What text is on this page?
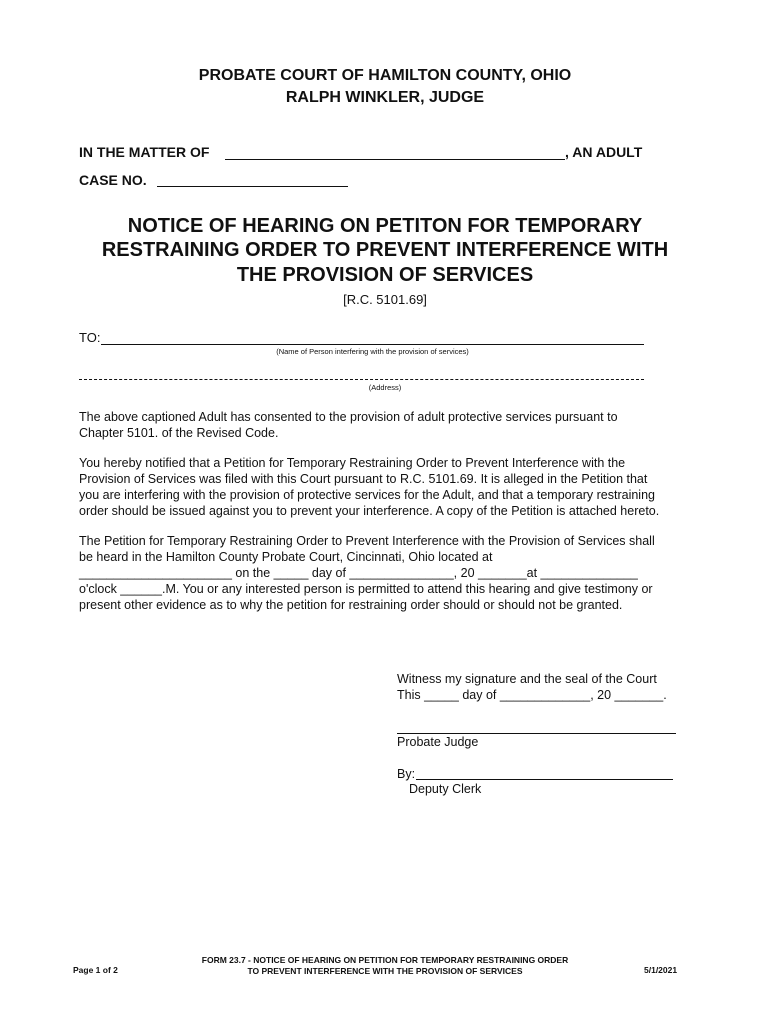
PROBATE COURT OF HAMILTON COUNTY, OHIO
RALPH WINKLER, JUDGE
IN THE MATTER OF	, AN ADULT
CASE NO.
NOTICE OF HEARING ON PETITON FOR TEMPORARY
RESTRAINING ORDER TO PREVENT INTERFERENCE WITH
THE PROVISION OF SERVICES
[R.C. 5101.69]
TO:
(Name of Person interfering with the provision of services)
(Address)
The above captioned Adult has consented to the provision of adult protective services pursuant to
Chapter 5101. of the Revised Code.
You hereby notified that a Petition for Temporary Restraining Order to Prevent Interference with the
Provision of Services was filed with this Court pursuant to R.C. 5101.69. It is alleged in the Petition that
you are interfering with the provision of protective services for the Adult, and that a temporary restraining
order should be issued against you to prevent your interference. A copy of the Petition is attached hereto.
The Petition for Temporary Restraining Order to Prevent Interference with the Provision of Services shall
be heard in the Hamilton County Probate Court, Cincinnati, Ohio located at
______________________ on the _____ day of _______________, 20 _______at ______________
o'clock ______.M. You or any interested person is permitted to attend this hearing and give testimony or
present other evidence as to why the petition for restraining order should or should not be granted.
Witness my signature and the seal of the Court
This _____ day of _____________, 20 _______.
Probate Judge
By:
Deputy Clerk
Page 1 of 2
FORM 23.7 - NOTICE OF HEARING ON PETITION FOR TEMPORARY RESTRAINING ORDER
TO PREVENT INTERFERENCE WITH THE PROVISION OF SERVICES	5/1/2021
